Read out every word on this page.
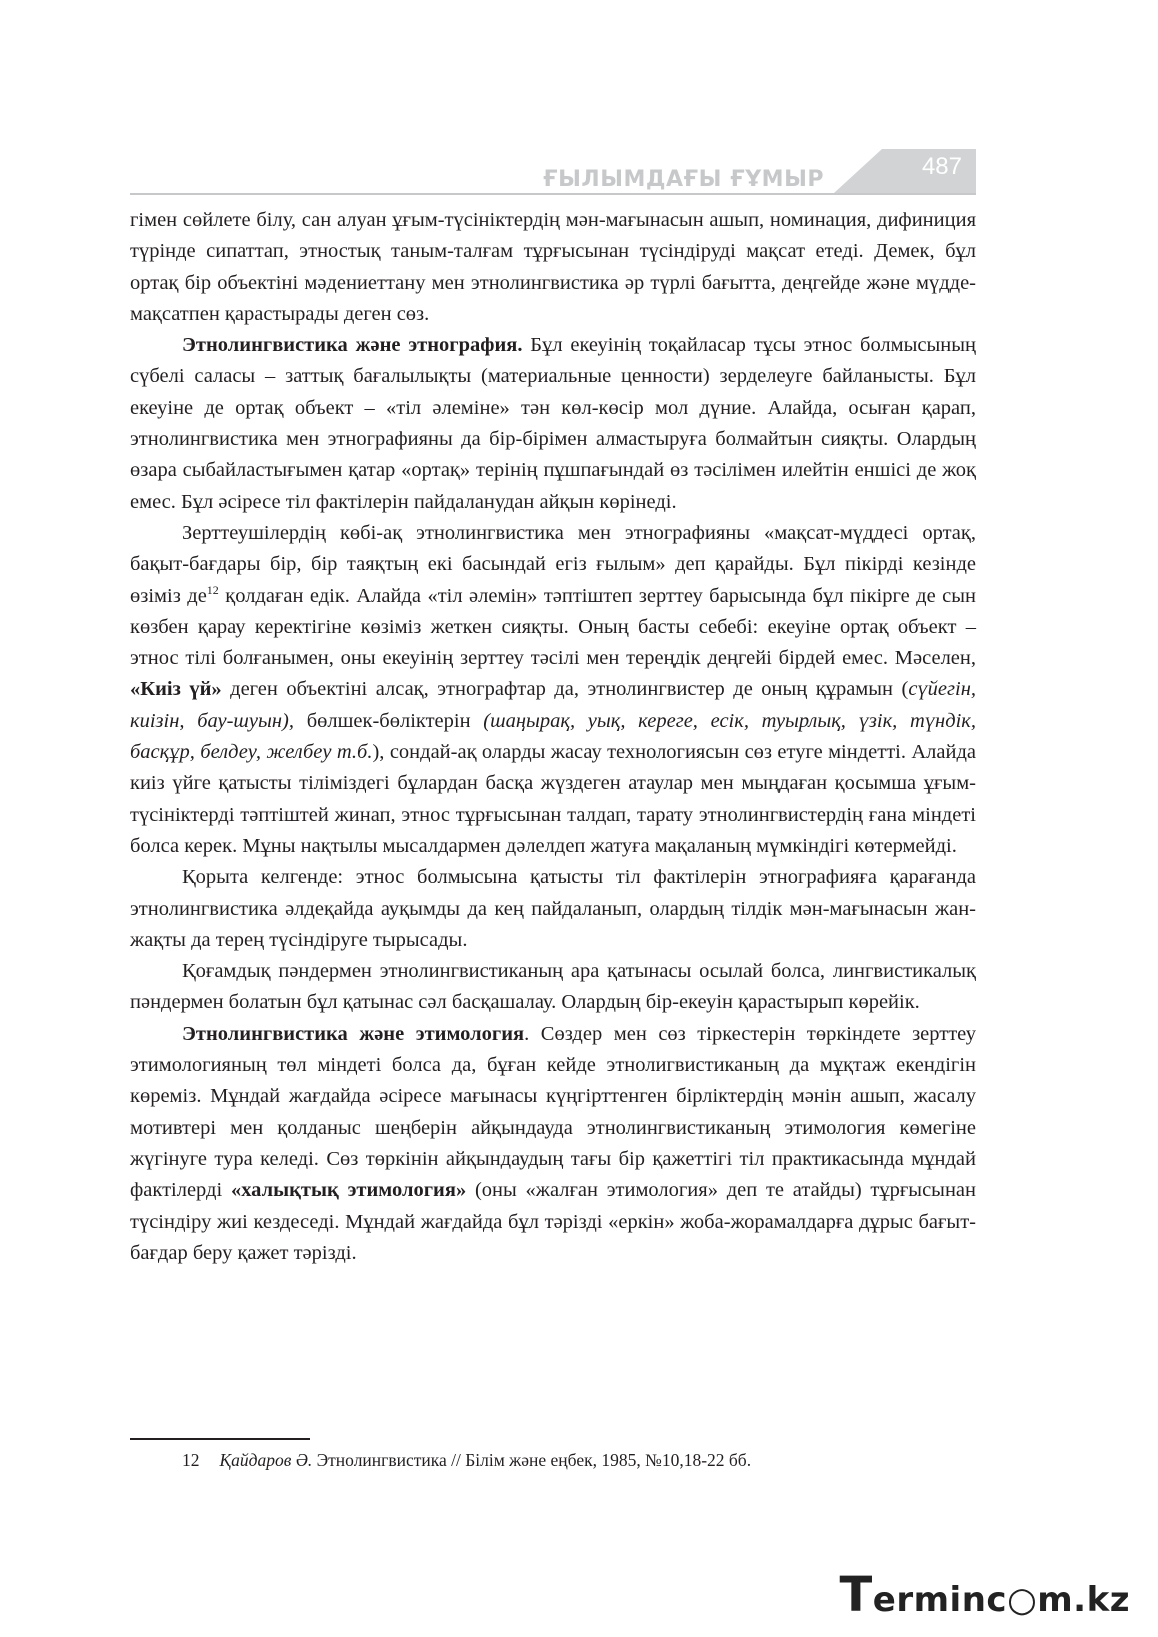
ҒЫЛЫМДАҒЫ ҒҰМЫР	487

гімен сөйлете білу, сан алуан ұғым-түсініктердің мән-мағынасын ашып, номинация, дифиниция түрінде сипаттап, этностық таным-талғам тұрғысынан түсіндіруді мақсат етеді. Демек, бұл ортақ бір объектіні мәдениеттану мен этнолингвистика әр түрлі бағытта, деңгейде және мүдде-мақсатпен қарастырады деген сөз.

Этнолингвистика және этнография. Бұл екеуінің тоқайласар тұсы этнос болмысының сүбелі саласы – заттық бағалылықты (материальные ценности) зерделеуге байланысты. Бұл екеуіне де ортақ объект – «тіл әлеміне» тән көл-көсір мол дүние. Алайда, осыған қарап, этнолингвистика мен этнографияны да бір-бірімен алмастыруға болмайтын сияқты. Олардың өзара сыбайластығымен қатар «ортақ» терінің пұшпағындай өз тәсілімен илейтін еншісі де жоқ емес. Бұл әсіресе тіл фактілерін пайдаланудан айқын көрінеді.

Зерттеушілердің көбі-ақ этнолингвистика мен этнографияны «мақсат-мүддесі ортақ, бақыт-бағдары бір, бір таяқтың екі басындай егіз ғылым» деп қарайды. Бұл пікірді кезінде өзіміз $де^{12}$ қолдаған едік. Алайда «тіл әлемін» тәптіштеп зерттеу барысында бұл пікірге де сын көзбен қарау керектігіне көзіміз жеткен сияқты. Оның басты себебі: екеуіне ортақ объект – этнос тілі болғанымен, оны екеуінің зерттеу тәсілі мен тереңдік деңгейі бірдей емес. Мәселен, «Киіз үй» деген объектіні алсақ, этнографтар да, этнолингвистер де оның құрамын (сүйегін, киізін, бау-шуын), бөлшек-бөліктерін (шаңырақ, уық, кереге, есік, туырлық, үзік, түндік, басқұр, белдеу, желбеу т.б.), сондай-ақ оларды жасау технологиясын сөз етуге міндетті. Алайда киіз үйге қатысты тіліміздегі бұлардан басқа жүздеген атаулар мен мыңдаған қосымша ұғым-түсініктерді тәптіштей жинап, этнос тұрғысынан талдап, тарату этнолингвистердің ғана міндеті болса керек. Мұны нақтылы мысалдармен дәлелдеп жатуға мақаланың мүмкіндігі көтермейді.

Қорыта келгенде: этнос болмысына қатысты тіл фактілерін этнографияға қарағанда этнолингвистика әлдеқайда ауқымды да кең пайдаланып, олардың тілдік мән-мағынасын жан-жақты да терең түсіндіруге тырысады.

Қоғамдық пәндермен этнолингвистиканың ара қатынасы осылай болса, лингвистикалық пәндермен болатын бұл қатынас сәл басқашалау. Олардың бір-екеуін қарастырып көрейік.

Этнолингвистика және этимология. Сөздер мен сөз тіркестерін төркіндете зерттеу этимологияның төл міндеті болса да, бұған кейде этнолигвистиканың да мұқтаж екендігін көреміз. Мұндай жағдайда әсіресе мағынасы күңгірттенген бірліктердің мәнін ашып, жасалу мотивтері мен қолданыс шеңберін айқындауда этнолингвистиканың этимология көмегіне жүгінуге тура келеді. Сөз төркінін айқындаудың тағы бір қажеттігі тіл практикасында мұндай фактілерді «халықтық этимология» (оны «жалған этимология» деп те атайды) тұрғысынан түсіндіру жиі кездеседі. Мұндай жағдайда бұл тәрізді «еркін» жоба-жорамалдарға дұрыс бағыт-бағдар беру қажет тәрізді.

12 Қайдаров Ә. Этнолингвистика // Білім және еңбек, 1985, №10,18-22 бб.
Terminc○m.kz
